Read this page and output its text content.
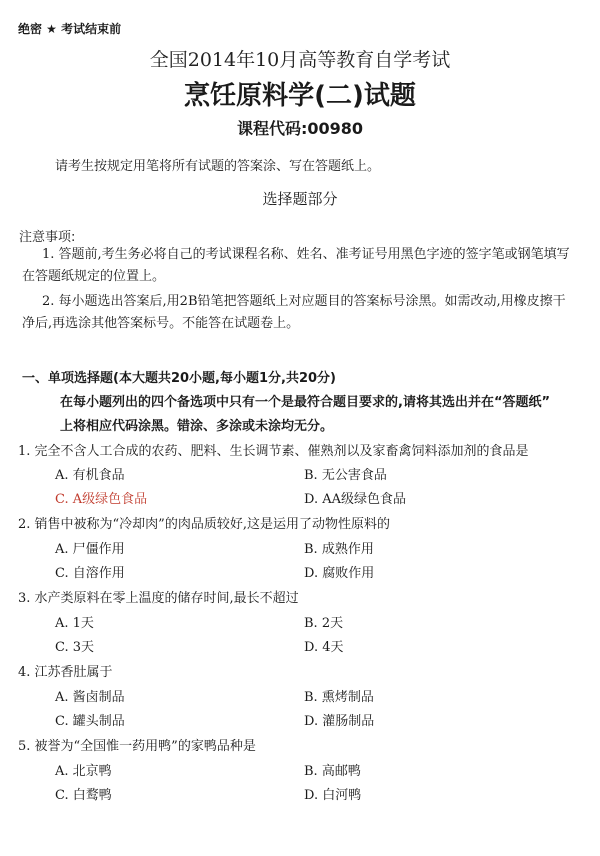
绝密 ★ 考试结束前
全国2014年10月高等教育自学考试
烹饪原料学(二)试题
课程代码:00980
请考生按规定用笔将所有试题的答案涂、写在答题纸上。
选择题部分
注意事项:
1. 答题前,考生务必将自己的考试课程名称、姓名、准考证号用黑色字迹的签字笔或钢笔填写在答题纸规定的位置上。
2. 每小题选出答案后,用2B铅笔把答题纸上对应题目的答案标号涂黑。如需改动,用橡皮擦干净后,再选涂其他答案标号。不能答在试题卷上。
一、单项选择题(本大题共20小题,每小题1分,共20分)
在每小题列出的四个备选项中只有一个是最符合题目要求的,请将其选出并在“答题纸”
上将相应代码涂黑。错涂、多涂或未涂均无分。
1. 完全不含人工合成的农药、肥料、生长调节素、催熟剂以及家畜禽饲料添加剂的食品是
A. 有机食品	B. 无公害食品
C. A级绿色食品	D. AA级绿色食品
2. 销售中被称为“冷却肉”的肉品质较好,这是运用了动物性原料的
A. 尸僵作用	B. 成熟作用
C. 自溶作用	D. 腐败作用
3. 水产类原料在零上温度的储存时间,最长不超过
A. 1天	B. 2天
C. 3天	D. 4天
4. 江苏香肚属于
A. 酱卤制品	B. 熏烤制品
C. 罐头制品	D. 灌肠制品
5. 被誉为“全国惟一药用鸭”的家鸭品种是
A. 北京鸭	B. 高邮鸭
C. 白鹜鸭	D. 白河鸭
